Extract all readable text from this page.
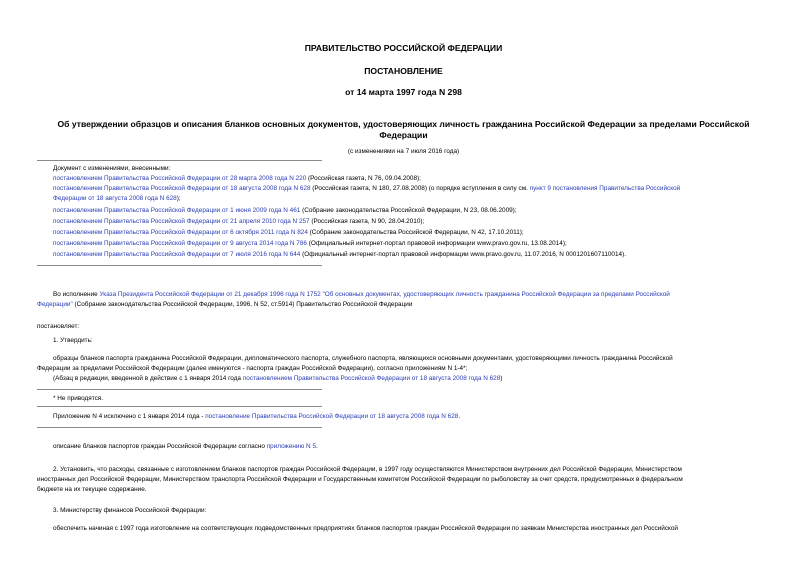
ПРАВИТЕЛЬСТВО РОССИЙСКОЙ ФЕДЕРАЦИИ
ПОСТАНОВЛЕНИЕ
от 14 марта 1997 года N 298
Об утверждении образцов и описания бланков основных документов, удостоверяющих личность гражданина Российской Федерации за пределами Российской
Федерации
(с изменениями на 7 июля 2016 года)
Документ с изменениями, внесенными:
постановлением Правительства Российской Федерации от 28 марта 2008 года N 220 (Российская газета, N 76, 09.04.2008);
постановлением Правительства Российской Федерации от 18 августа 2008 года N 628 (Российская газета, N 180, 27.08.2008) (о порядке вступления в силу см. пункт 9 постановления Правительства Российской
Федерации от 18 августа 2008 года N 628);
постановлением Правительства Российской Федерации от 1 июня 2009 года N 461 (Собрание законодательства Российской Федерации, N 23, 08.06.2009);
постановлением Правительства Российской Федерации от 21 апреля 2010 года N 257 (Российская газета, N 90, 28.04.2010);
постановлением Правительства Российской Федерации от 6 октября 2011 года N 824 (Собрание законодательства Российской Федерации, N 42, 17.10.2011);
постановлением Правительства Российской Федерации от 9 августа 2014 года N 786 (Официальный интернет-портал правовой информации www.pravo.gov.ru, 13.08.2014);
постановлением Правительства Российской Федерации от 7 июля 2016 года N 644 (Официальный интернет-портал правовой информации www.pravo.gov.ru, 11.07.2016, N 0001201607110014).
Во исполнение Указа Президента Российской Федерации от 21 декабря 1996 года N 1752 "Об основных документах, удостоверяющих личность гражданина Российской Федерации за пределами Российской
Федерации" (Собрание законодательства Российской Федерации, 1996, N 52, ст.5914) Правительство Российской Федерации
постановляет:
1. Утвердить:
образцы бланков паспорта гражданина Российской Федерации, дипломатического паспорта, служебного паспорта, являющихся основными документами, удостоверяющими личность гражданина Российской
Федерации за пределами Российской Федерации (далее именуются - паспорта граждан Российской Федерации), согласно приложениям N 1-4*;
(Абзац в редакции, введенной в действие с 1 января 2014 года постановлением Правительства Российской Федерации от 18 августа 2008 года N 628)
* Не приводятся.
Приложение N 4 исключено с 1 января 2014 года - постановление Правительства Российской Федерации от 18 августа 2008 года N 628.
описание бланков паспортов граждан Российской Федерации согласно приложению N 5.
2. Установить, что расходы, связанные с изготовлением бланков паспортов граждан Российской Федерации, в 1997 году осуществляются Министерством внутренних дел Российской Федерации, Министерством
иностранных дел Российской Федерации, Министерством транспорта Российской Федерации и Государственным комитетом Российской Федерации по рыболовству за счет средств, предусмотренных в федеральном
бюджете на их текущее содержание.
3. Министерству финансов Российской Федерации:
обеспечить начиная с 1997 года изготовление на соответствующих подведомственных предприятиях бланков паспортов граждан Российской Федерации по заявкам Министерства иностранных дел Российской
